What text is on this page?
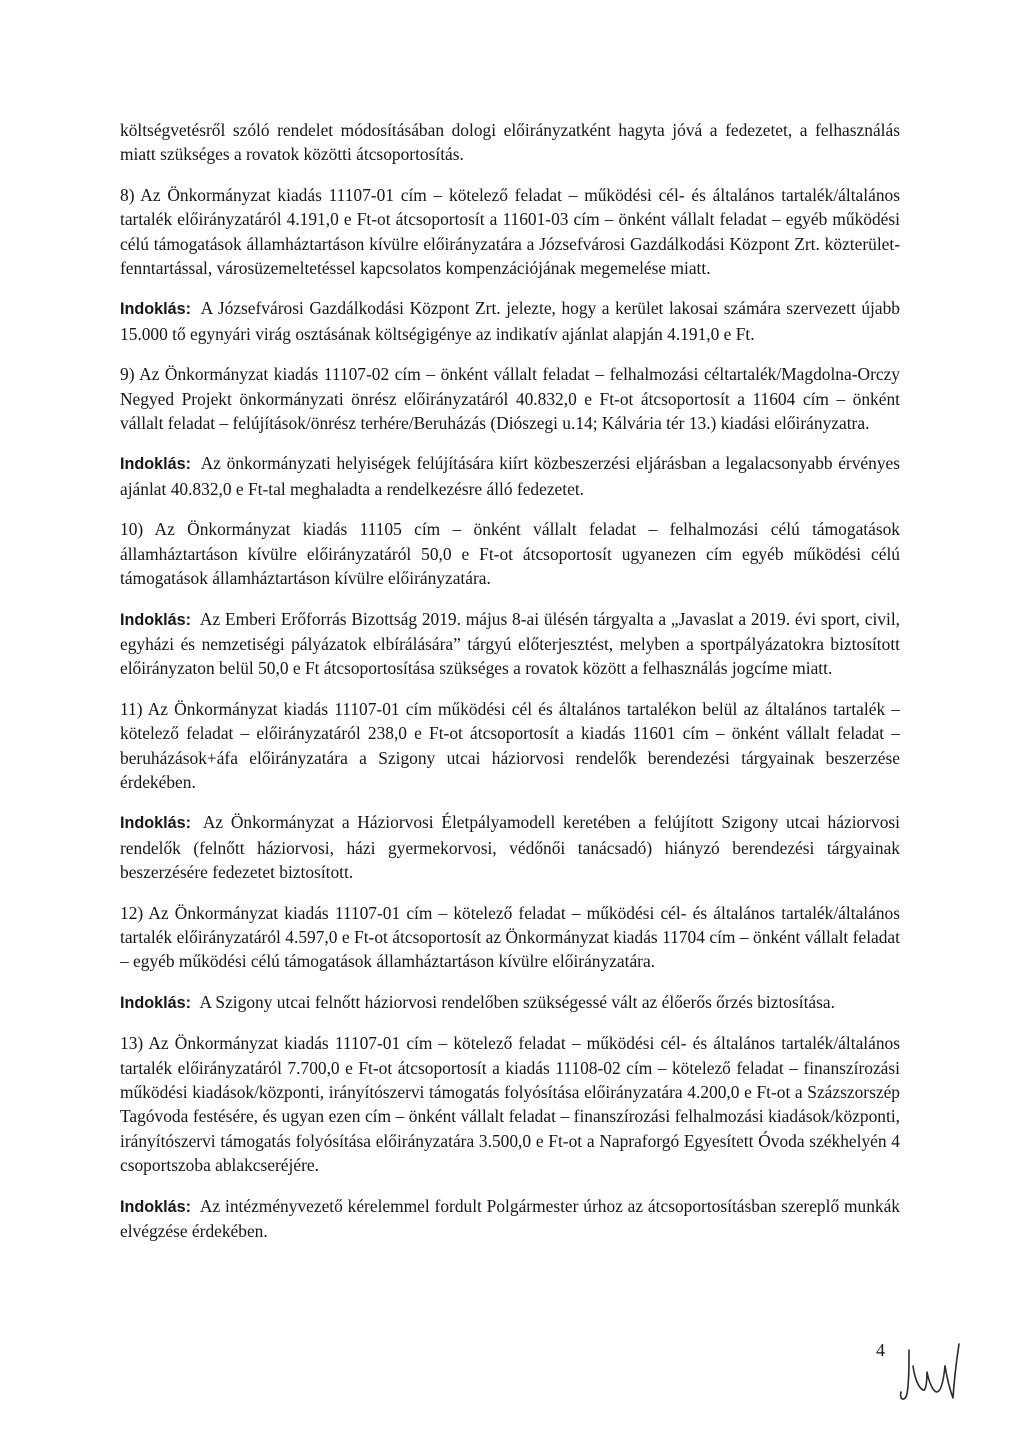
költségvetésről szóló rendelet módosításában dologi előirányzatként hagyta jóvá a fedezetet, a felhasználás miatt szükséges a rovatok közötti átcsoportosítás.

8) Az Önkormányzat kiadás 11107-01 cím – kötelező feladat – működési cél- és általános tartalék/általános tartalék előirányzatáról 4.191,0 e Ft-ot átcsoportosít a 11601-03 cím – önként vállalt feladat – egyéb működési célú támogatások államháztartáson kívülre előirányzatára a Józsefvárosi Gazdálkodási Központ Zrt. közterület-fenntartással, városüzemeltetéssel kapcsolatos kompenzációjának megemelése miatt.

Indoklás: A Józsefvárosi Gazdálkodási Központ Zrt. jelezte, hogy a kerület lakosai számára szervezett újabb 15.000 tő egynyári virág osztásának költségigénye az indikatív ajánlat alapján 4.191,0 e Ft.

9) Az Önkormányzat kiadás 11107-02 cím – önként vállalt feladat – felhalmozási céltartalék/Magdolna-Orczy Negyed Projekt önkormányzati önrész előirányzatáról 40.832,0 e Ft-ot átcsoportosít a 11604 cím – önként vállalt feladat – felújítások/önrész terhére/Beruházás (Diószegi u.14; Kálvária tér 13.) kiadási előirányzatra.

Indoklás: Az önkormányzati helyiségek felújítására kiírt közbeszerzési eljárásban a legalacsonyabb érvényes ajánlat 40.832,0 e Ft-tal meghaladta a rendelkezésre álló fedezetet.

10) Az Önkormányzat kiadás 11105 cím – önként vállalt feladat – felhalmozási célú támogatások államháztartáson kívülre előirányzatáról 50,0 e Ft-ot átcsoportosít ugyanezen cím egyéb működési célú támogatások államháztartáson kívülre előirányzatára.

Indoklás: Az Emberi Erőforrás Bizottság 2019. május 8-ai ülésén tárgyalta a „Javaslat a 2019. évi sport, civil, egyházi és nemzetiségi pályázatok elbírálására” tárgyú előterjesztést, melyben a sportpályázatokra biztosított előirányzaton belül 50,0 e Ft átcsoportosítása szükséges a rovatok között a felhasználás jogcíme miatt.

11) Az Önkormányzat kiadás 11107-01 cím működési cél és általános tartalékon belül az általános tartalék – kötelező feladat – előirányzatáról 238,0 e Ft-ot átcsoportosít a kiadás 11601 cím – önként vállalt feladat – beruházások+áfa előirányzatára a Szigony utcai háziorvosi rendelők berendezési tárgyainak beszerzése érdekében.

Indoklás: Az Önkormányzat a Háziorvosi Életpályamodell keretében a felújított Szigony utcai háziorvosi rendelők (felnőtt háziorvosi, házi gyermekorvosi, védőnői tanácsadó) hiányzó berendezési tárgyainak beszerzésére fedezetet biztosított.

12) Az Önkormányzat kiadás 11107-01 cím – kötelező feladat – működési cél- és általános tartalék/általános tartalék előirányzatáról 4.597,0 e Ft-ot átcsoportosít az Önkormányzat kiadás 11704 cím – önként vállalt feladat – egyéb működési célú támogatások államháztartáson kívülre előirányzatára.

Indoklás: A Szigony utcai felnőtt háziorvosi rendelőben szükségessé vált az élőerős őrzés biztosítása.

13) Az Önkormányzat kiadás 11107-01 cím – kötelező feladat – működési cél- és általános tartalék/általános tartalék előirányzatáról 7.700,0 e Ft-ot átcsoportosít a kiadás 11108-02 cím – kötelező feladat – finanszírozási működési kiadások/központi, irányítószervi támogatás folyósítása előirányzatára 4.200,0 e Ft-ot a Százszorszép Tagóvoda festésére, és ugyan ezen cím – önként vállalt feladat – finanszírozási felhalmozási kiadások/központi, irányítószervi támogatás folyósítása előirányzatára 3.500,0 e Ft-ot a Napraforgó Egyesített Óvoda székhelyén 4 csoportszoba ablakcseréjére.

Indoklás: Az intézményvezető kérelemmel fordult Polgármester úrhoz az átcsoportosításban szereplő munkák elvégzése érdekében.

4
